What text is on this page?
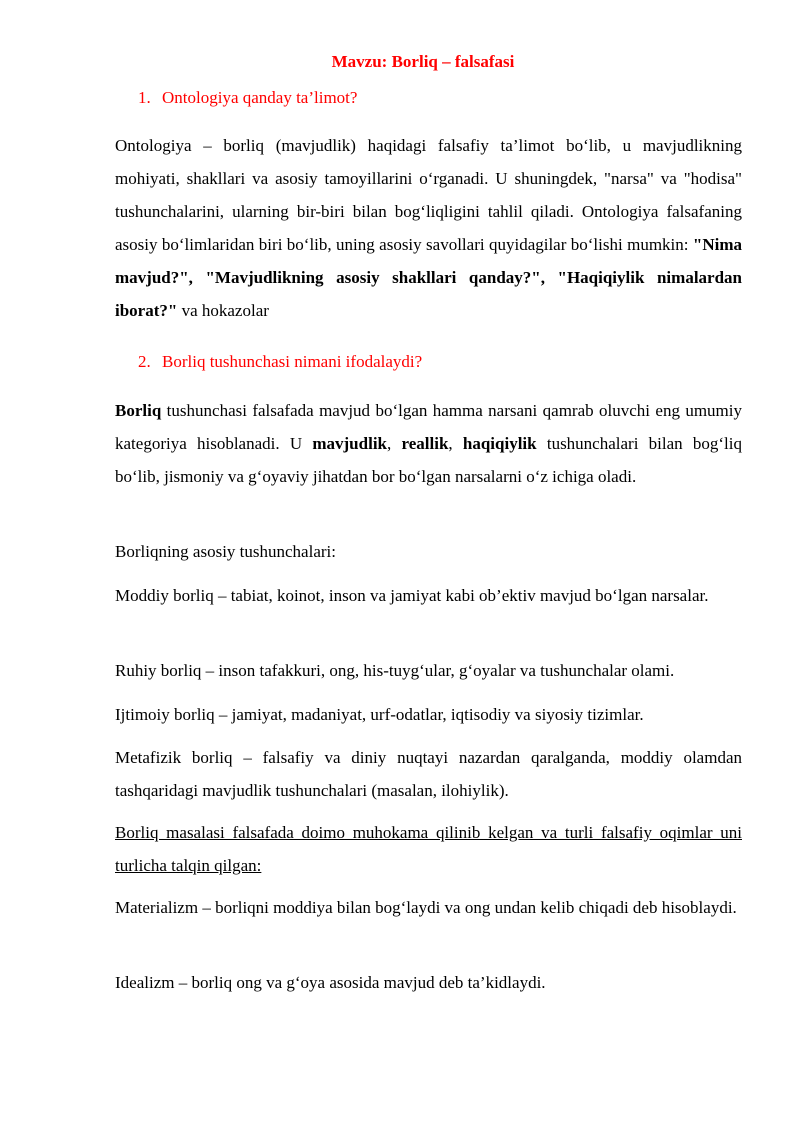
Mavzu: Borliq – falsafasi
1. Ontologiya qanday ta’limot?
Ontologiya – borliq (mavjudlik) haqidagi falsafiy ta’limot bo‘lib, u mavjudlikning mohiyati, shakllari va asosiy tamoyillarini o‘rganadi. U shuningdek, "narsa" va "hodisa" tushunchalarini, ularning bir-biri bilan bog‘liqligini tahlil qiladi. Ontologiya falsafaning asosiy bo‘limlaridan biri bo‘lib, uning asosiy savollari quyidagilar bo‘lishi mumkin: "Nima mavjud?", "Mavjudlikning asosiy shakllari qanday?", "Haqiqiylik nimalardan iborat?" va hokazolar
2. Borliq tushunchasi nimani ifodalaydi?
Borliq tushunchasi falsafada mavjud bo‘lgan hamma narsani qamrab oluvchi eng umumiy kategoriya hisoblanadi. U mavjudlik, reallik, haqiqiylik tushunchalari bilan bog‘liq bo‘lib, jismoniy va g‘oyaviy jihatdan bor bo‘lgan narsalarni o‘z ichiga oladi.
Borliqning asosiy tushunchalari:
Moddiy borliq – tabiat, koinot, inson va jamiyat kabi ob’ektiv mavjud bo‘lgan narsalar.
Ruhiy borliq – inson tafakkuri, ong, his-tuyg‘ular, g‘oyalar va tushunchalar olami.
Ijtimoiy borliq – jamiyat, madaniyat, urf-odatlar, iqtisodiy va siyosiy tizimlar.
Metafizik borliq – falsafiy va diniy nuqtayi nazardan qaralganda, moddiy olamdan tashqaridagi mavjudlik tushunchalari (masalan, ilohiylik).
Borliq masalasi falsafada doimo muhokama qilinib kelgan va turli falsafiy oqimlar uni turlicha talqin qilgan:
Materializm – borliqni moddiya bilan bog‘laydi va ong undan kelib chiqadi deb hisoblaydi.
Idealizm – borliq ong va g‘oya asosida mavjud deb ta’kidlaydi.
